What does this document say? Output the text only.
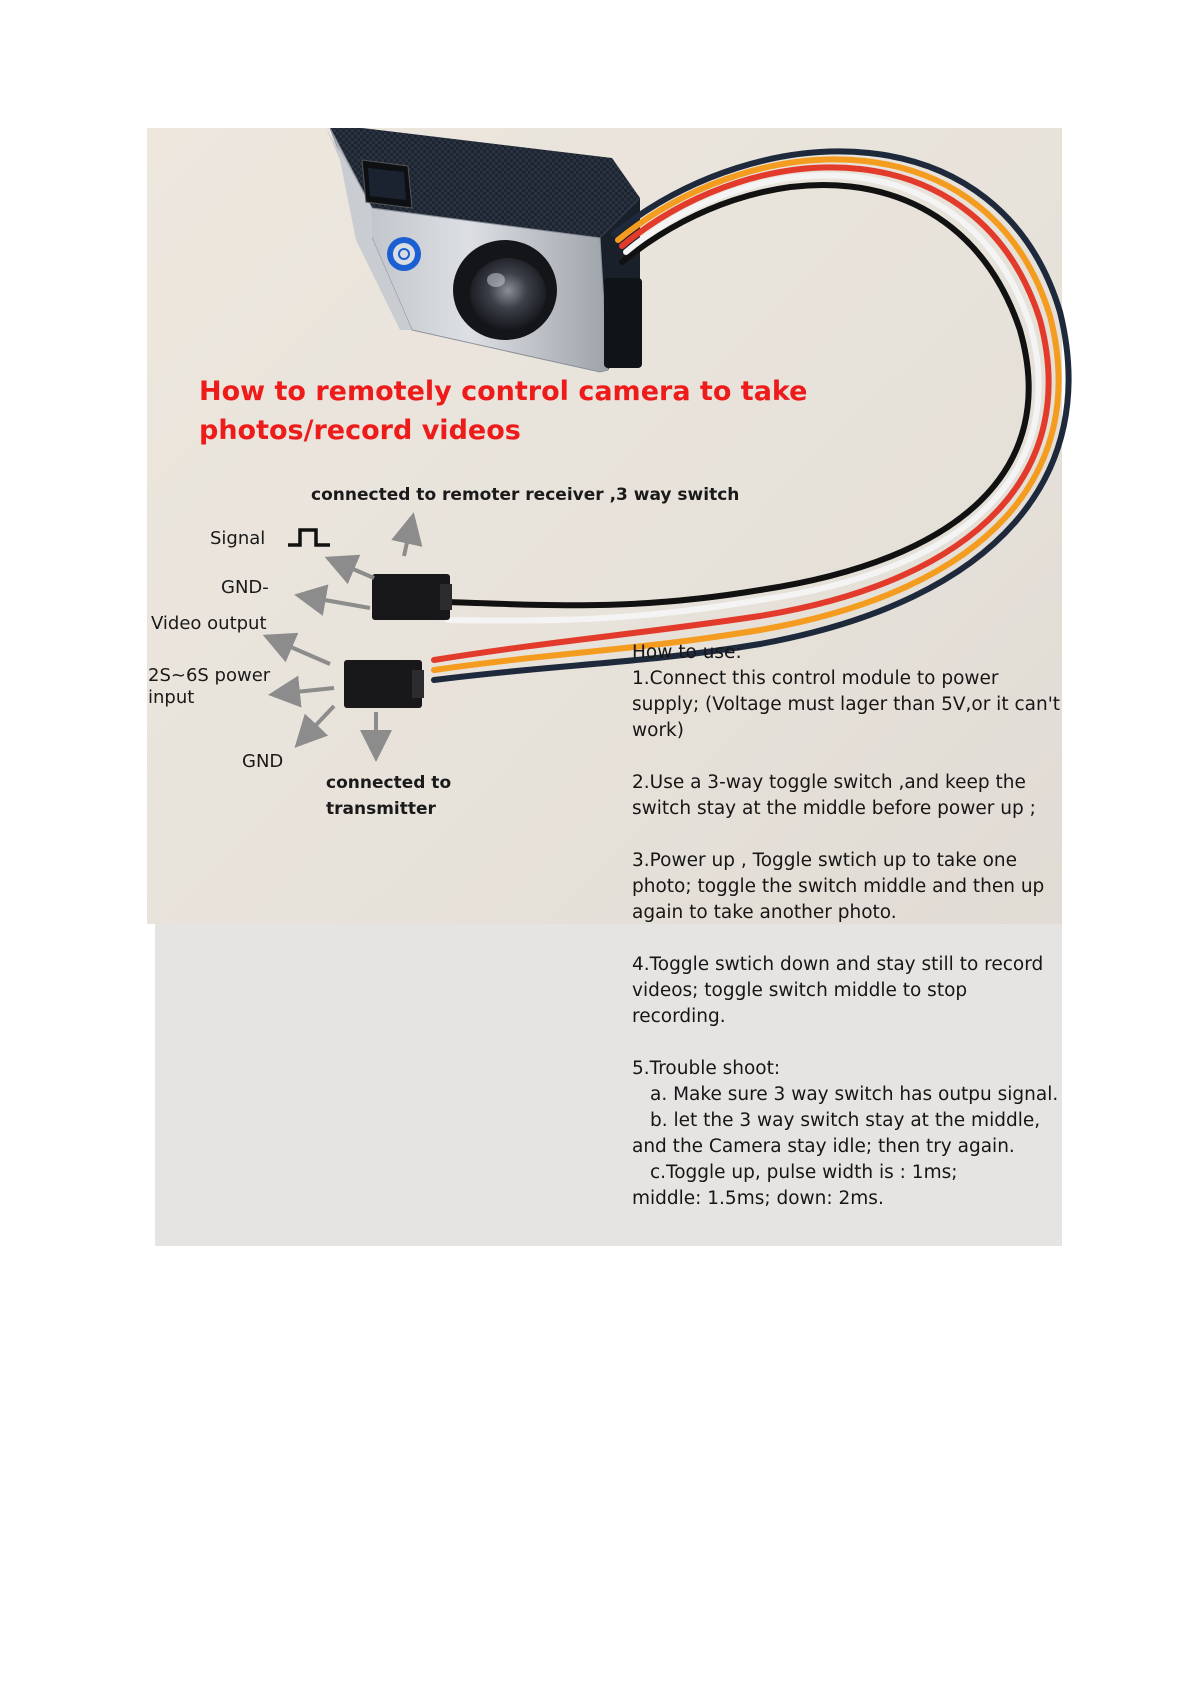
How to remotely control camera to take
photos/record videos
connected to remoter receiver ,3 way switch
Signal
GND-
Video output
2S~6S power
input
GND
connected to
transmitter
How to use:

1.Connect this control module to power
supply; (Voltage must lager than 5V,or it can't
work)

2.Use a 3-way toggle switch ,and keep the
switch stay at the middle before power up ;

3.Power up , Toggle swtich up to take one
photo; toggle the switch middle and then up
again to take another photo.

4.Toggle swtich down and stay still to record
videos; toggle switch middle to stop recording.

5.Trouble shoot:
a. Make sure 3 way switch has outpu signal.
b. let the 3 way switch stay at the middle,
and the Camera stay idle; then try again.
c.Toggle up, pulse width is : 1ms;
middle: 1.5ms; down: 2ms.
